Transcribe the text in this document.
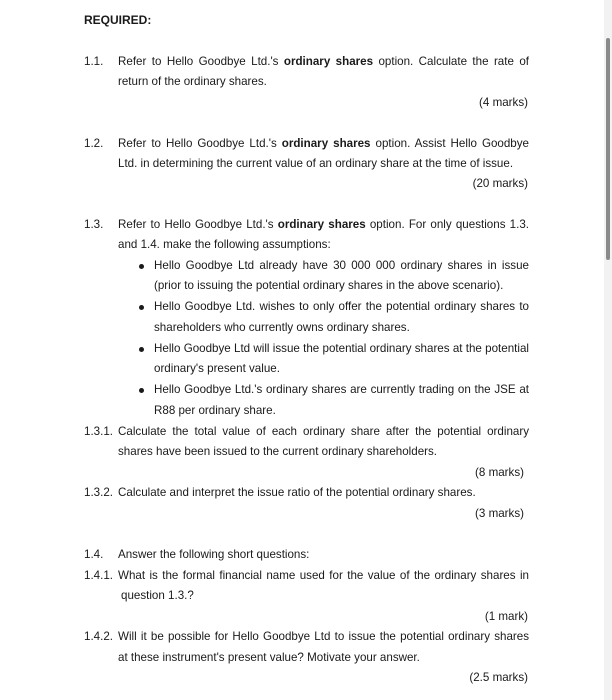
REQUIRED:
1.1. Refer to Hello Goodbye Ltd.'s ordinary shares option. Calculate the rate of
return of the ordinary shares.
(4 marks)
1.2. Refer to Hello Goodbye Ltd.'s ordinary shares option. Assist Hello Goodbye
Ltd. in determining the current value of an ordinary share at the time of issue.
(20 marks)
1.3. Refer to Hello Goodbye Ltd.'s ordinary shares option. For only questions 1.3.
and 1.4. make the following assumptions:
Hello Goodbye Ltd already have 30 000 000 ordinary shares in issue
(prior to issuing the potential ordinary shares in the above scenario).
Hello Goodbye Ltd. wishes to only offer the potential ordinary shares to
shareholders who currently owns ordinary shares.
Hello Goodbye Ltd will issue the potential ordinary shares at the potential
ordinary's present value.
Hello Goodbye Ltd.'s ordinary shares are currently trading on the JSE at
R88 per ordinary share.
1.3.1. Calculate the total value of each ordinary share after the potential ordinary
shares have been issued to the current ordinary shareholders.
(8 marks)
1.3.2. Calculate and interpret the issue ratio of the potential ordinary shares.
(3 marks)
1.4. Answer the following short questions:
1.4.1. What is the formal financial name used for the value of the ordinary shares in
question 1.3.?
(1 mark)
1.4.2. Will it be possible for Hello Goodbye Ltd to issue the potential ordinary shares
at these instrument's present value? Motivate your answer.
(2.5 marks)
